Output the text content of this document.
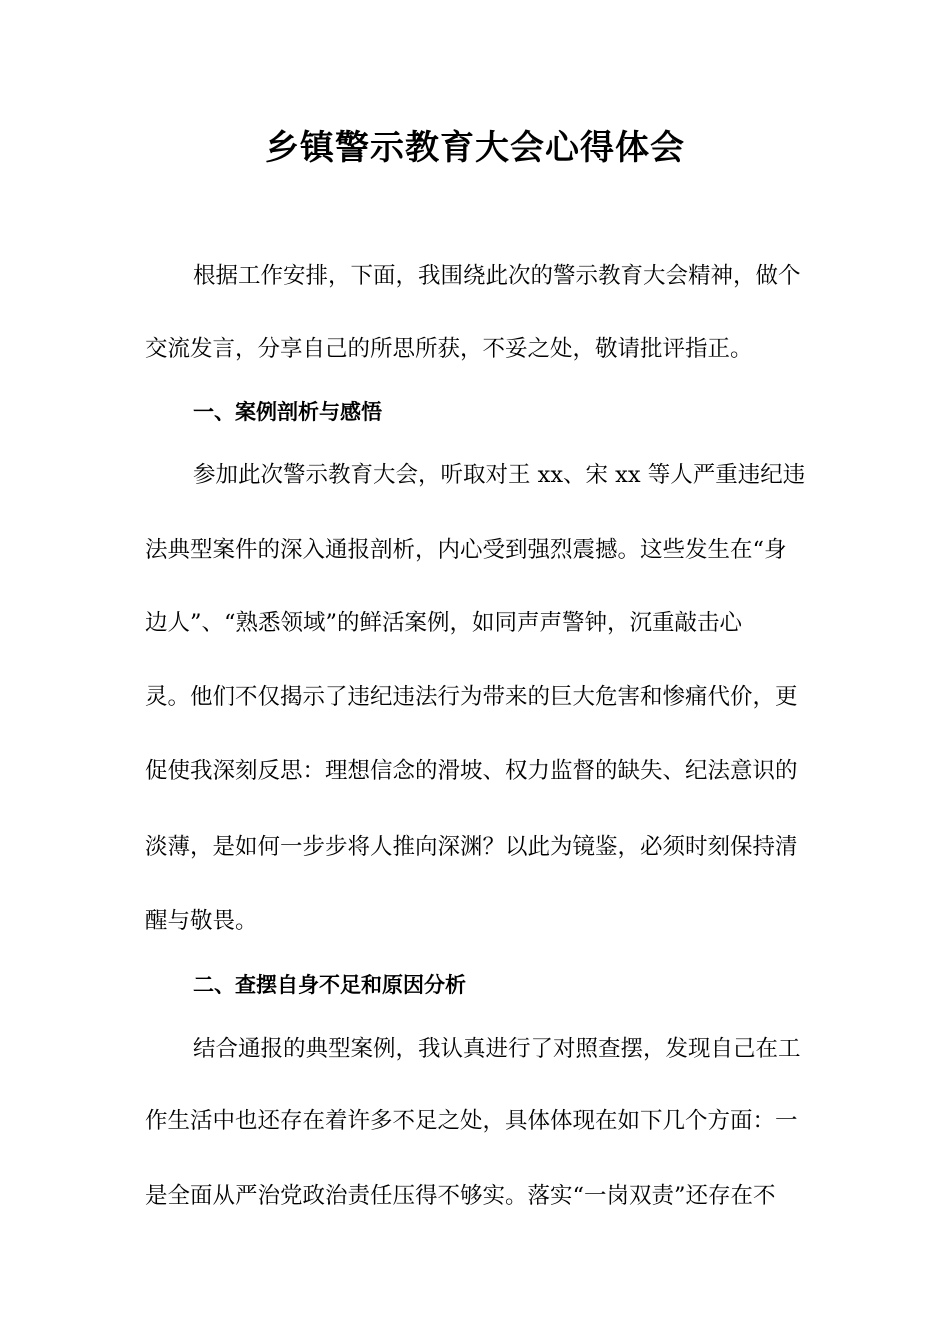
乡镇警示教育大会心得体会
根据工作安排，下面，我围绕此次的警示教育大会精神，做个
交流发言，分享自己的所思所获，不妥之处，敬请批评指正。
一、案例剖析与感悟
参加此次警示教育大会，听取对王 xx、宋 xx 等人严重违纪违
法典型案件的深入通报剖析，内心受到强烈震撼。这些发生在“身
边人”、“熟悉领域”的鲜活案例，如同声声警钟，沉重敲击心
灵。他们不仅揭示了违纪违法行为带来的巨大危害和惨痛代价，更
促使我深刻反思：理想信念的滑坡、权力监督的缺失、纪法意识的
淡薄，是如何一步步将人推向深渊？以此为镜鉴，必须时刻保持清
醒与敬畏。
二、查摆自身不足和原因分析
结合通报的典型案例，我认真进行了对照查摆，发现自己在工
作生活中也还存在着许多不足之处，具体体现在如下几个方面：一
是全面从严治党政治责任压得不够实。落实“一岗双责”还存在不
